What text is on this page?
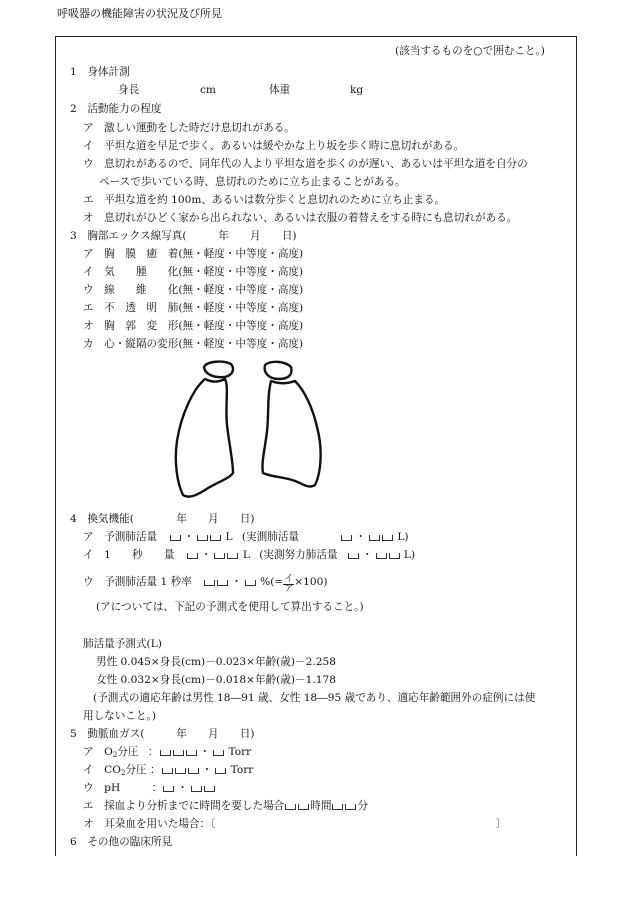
呼吸器の機能障害の状況及び所見
(該当するものを○で囲むこと。)
1　身体計測
身長	cm	体重	kg
2　活動能力の程度
ア　激しい運動をした時だけ息切れがある。
イ　平坦な道を早足で歩く、あるいは緩やかな上り坂を歩く時に息切れがある。
ウ　息切れがあるので、同年代の人より平坦な道を歩くのが遅い、あるいは平坦な道を自分の
ペースで歩いている時、息切れのために立ち止まることがある。
エ　平坦な道を約 100m、あるいは数分歩くと息切れのために立ち止まる。
オ　息切れがひどく家から出られない、あるいは衣服の着替えをする時にも息切れがある。
3　胸部エックス線写真(　　　年　　月　　日)
ア　胸　膜　癒　着(無・軽度・中等度・高度)
イ　気　　腫　　化(無・軽度・中等度・高度)
ウ　線　　維　　化(無・軽度・中等度・高度)
エ　不　透　明　肺(無・軽度・中等度・高度)
オ　胸　郭　変　形(無・軽度・中等度・高度)
カ　心・縦隔の変形(無・軽度・中等度・高度)
4　換気機能(　　　　年　　月　　日)
ア　予測肺活量 ・	L (実測肺活量	・	L)
イ　1　　秒　　量 ・	L (実測努力肺活量 ・	L)
ウ　予測肺活量 1 秒率	・ %(= $\frac{\text{イ}}{\text{ア}} \times 100$)
(アについては、下記の予測式を使用して算出すること。)
肺活量予測式(L)
男性 0.045×身長(cm)－0.023×年齢(歳)－2.258
女性 0.032×身長(cm)－0.018×年齢(歳)－1.178
(予測式の適応年齢は男性 18―91 歳、女性 18―95 歳であり、適応年齢範囲外の症例には使
用しないこと。)
5　動脈血ガス(　　　年　　月　　日)
ア　$O_2$分圧 ：	・ Torr
イ　$CO_2$分圧 ：	・ Torr
ウ　pH	： ・
エ　採血より分析までに時間を要した場合 時間 分
オ　耳朶血を用いた場合：〔	〕
6　その他の臨床所見
